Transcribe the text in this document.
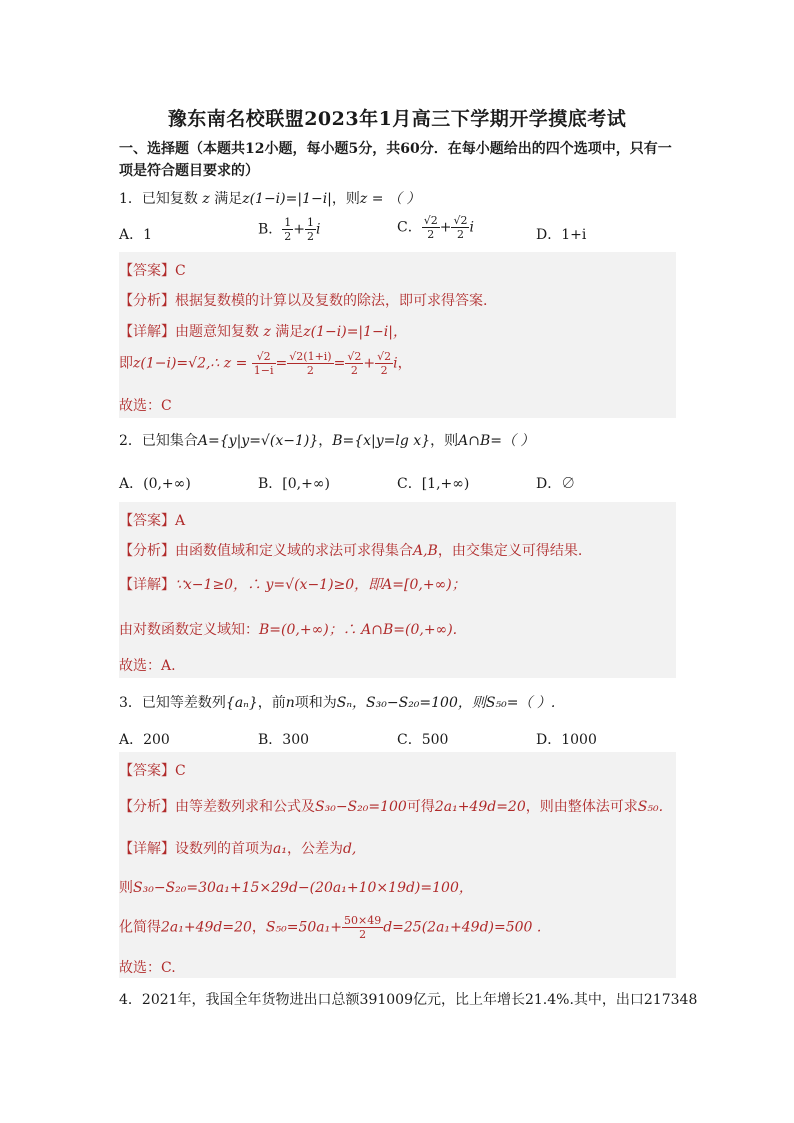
豫东南名校联盟2023年1月高三下学期开学摸底考试
一、选择题（本题共12小题，每小题5分，共60分．在每小题给出的四个选项中，只有一项是符合题目要求的）
1．已知复数 z 满足z(1−i)=|1−i|，则z = （ ）
A．1	B． $\frac{1}{2} + \frac{1}{2}$ i	C． $\frac{√2}{2} + \frac{√2}{2}$ i	D．1+i
【答案】C
【分析】根据复数模的计算以及复数的除法，即可求得答案.
【详解】由题意知复数 z 满足z(1−i)=|1−i|，
即z(1−i)=√2,∴ $z = \frac{√2}{1-i} = \frac{√2(1+i)}{2} = \frac{√2}{2} + \frac{√2}{2}$ i，
故选：C
2．已知集合A={y|y=√(x−1)}，B={x|y=lg x}，则A∩B=（ ）
A．(0,+∞)	B．[0,+∞)	C．[1,+∞)	D．∅
【答案】A
【分析】由函数值域和定义域的求法可求得集合A,B，由交集定义可得结果.
【详解】∵x−1≥0，∴ y=√(x−1)≥0，即A=[0,+∞)；
由对数函数定义域知：B=(0,+∞)；∴ A∩B=(0,+∞).
故选：A.
3．已知等差数列{aₙ}，前n项和为Sₙ，S₃₀−S₂₀=100，则S₅₀=（ ）.
A．200	B．300	C．500	D．1000
【答案】C
【分析】由等差数列求和公式及S₃₀−S₂₀=100可得2a₁+49d=20，则由整体法可求S₅₀.
【详解】设数列的首项为a₁，公差为d,
则S₃₀−S₂₀=30a₁+15×29d−(20a₁+10×19d)=100，
化简得2a₁+49d=20，$S_{50}=50a_1+ \frac{50\times 49}{2} d=25(2a_1+49d)=500$ .
故选：C.
4．2021年，我国全年货物进出口总额391009亿元，比上年增长21.4%.其中，出口217348
